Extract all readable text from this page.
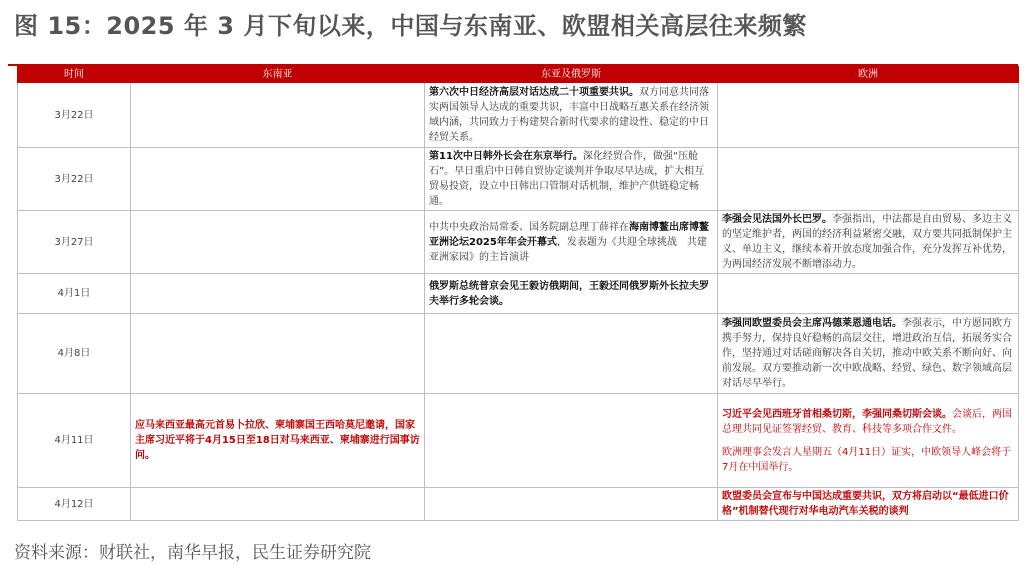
图 15：2025 年 3 月下旬以来，中国与东南亚、欧盟相关高层往来频繁
时间	东南亚	东亚及俄罗斯	欧洲
3月22日		第六次中日经济高层对话达成二十项重要共识。双方同意共同落实两国领导人达成的重要共识，丰富中日战略互惠关系在经济领域内涵，共同致力于构建契合新时代要求的建设性、稳定的中日经贸关系。	
3月22日		第11次中日韩外长会在东京举行。深化经贸合作，做强“压舱石”。早日重启中日韩自贸协定谈判并争取尽早达成，扩大相互贸易投资，设立中日韩出口管制对话机制，维护产供链稳定畅通。	
3月27日		中共中央政治局常委、国务院副总理丁薛祥在海南博鳌出席博鳌亚洲论坛2025年年会开幕式，发表题为《共迎全球挑战　共建亚洲家园》的主旨演讲	李强会见法国外长巴罗。李强指出，中法都是自由贸易、多边主义的坚定维护者，两国的经济利益紧密交融，双方要共同抵制保护主义、单边主义，继续本着开放态度加强合作，充分发挥互补优势，为两国经济发展不断增添动力。
4月1日		俄罗斯总统普京会见王毅访俄期间，王毅还同俄罗斯外长拉夫罗夫举行多轮会谈。	
4月8日			李强同欧盟委员会主席冯德莱恩通电话。李强表示，中方愿同欧方携手努力，保持良好稳畅的高层交往，增进政治互信，拓展务实合作，坚持通过对话磋商解决各自关切，推动中欧关系不断向好、向前发展。双方要推动新一次中欧战略、经贸、绿色、数字领域高层对话尽早举行。
4月11日	应马来西亚最高元首易卜拉欣、柬埔寨国王西哈莫尼邀请，国家主席习近平将于4月15日至18日对马来西亚、柬埔寨进行国事访问。		习近平会见西班牙首相桑切斯，李强同桑切斯会谈。会谈后，两国总理共同见证签署经贸、教育、科技等多项合作文件。
欧洲理事会发言人星期五（4月11日）证实，中欧领导人峰会将于7月在中国举行。
4月12日			欧盟委员会宣布与中国达成重要共识，双方将启动以“最低进口价格”机制替代现行对华电动汽车关税的谈判
资料来源：财联社，南华早报，民生证券研究院
